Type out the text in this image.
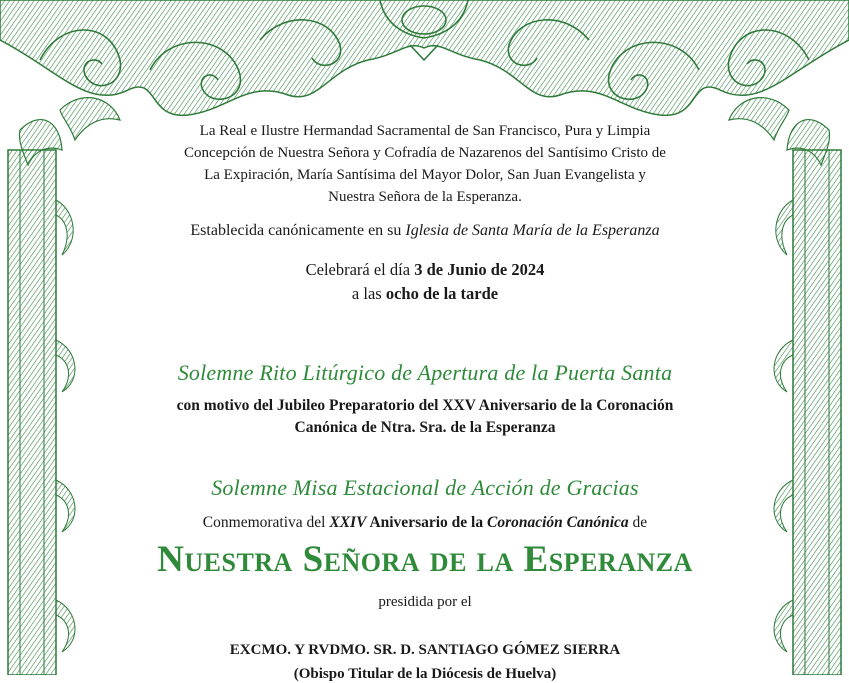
La Real e Ilustre Hermandad Sacramental de San Francisco, Pura y Limpia
Concepción de Nuestra Señora y Cofradía de Nazarenos del Santísimo Cristo de
La Expiración, María Santísima del Mayor Dolor, San Juan Evangelista y
Nuestra Señora de la Esperanza.

Establecida canónicamente en su Iglesia de Santa María de la Esperanza

Celebrará el día 3 de Junio de 2024
a las ocho de la tarde

Solemne Rito Litúrgico de Apertura de la Puerta Santa

con motivo del Jubileo Preparatorio del XXV Aniversario de la Coronación
Canónica de Ntra. Sra. de la Esperanza

Solemne Misa Estacional de Acción de Gracias

Conmemorativa del XXIV Aniversario de la Coronación Canónica de

Nuestra Señora de la Esperanza

presidida por el

EXCMO. Y RVDMO. SR. D. SANTIAGO GÓMEZ SIERRA

(Obispo Titular de la Diócesis de Huelva)
